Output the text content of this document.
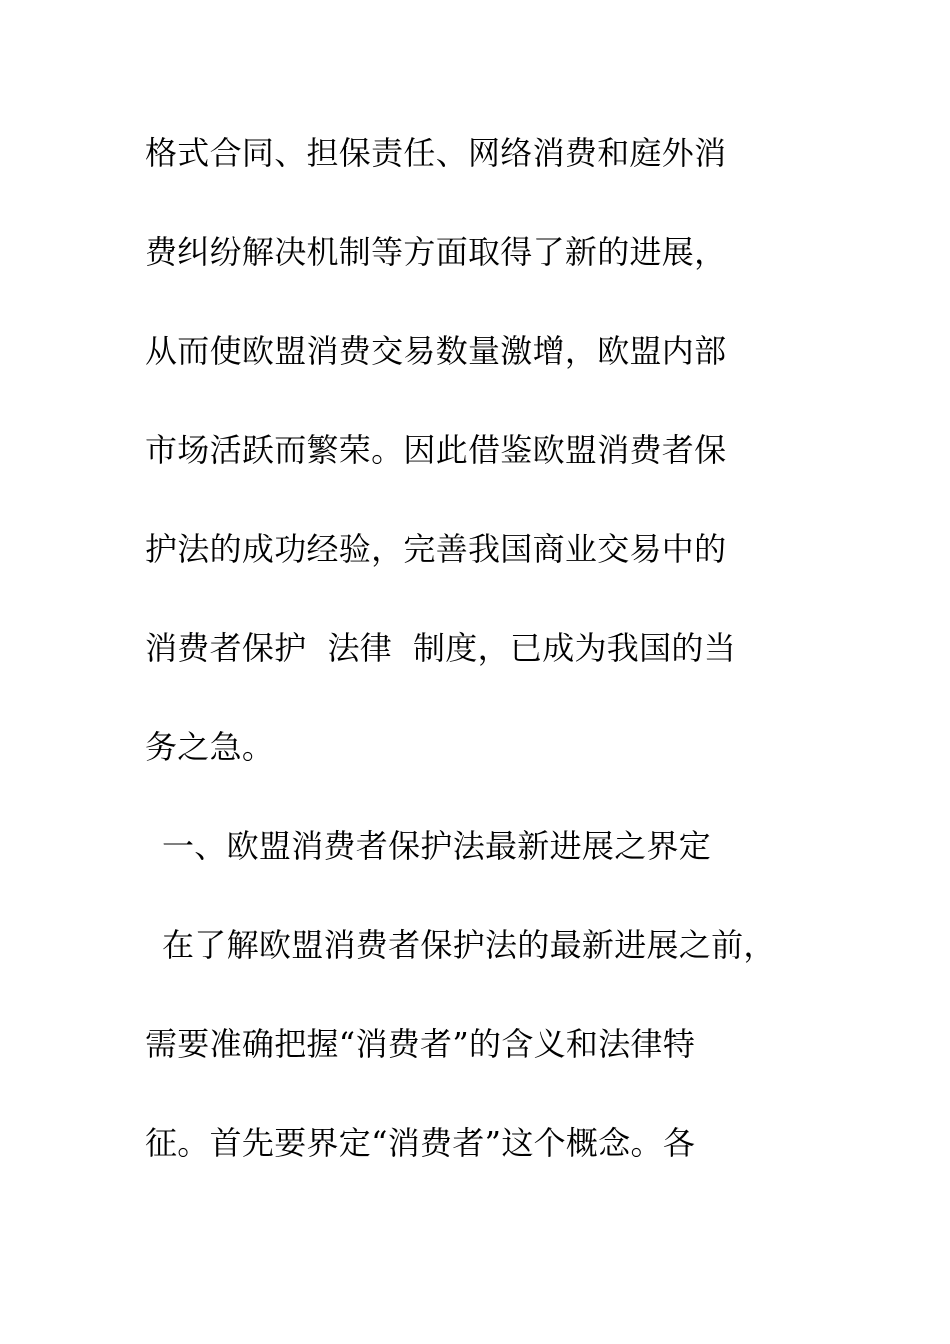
格式合同、担保责任、网络消费和庭外消
费纠纷解决机制等方面取得了新的进展，
从而使欧盟消费交易数量激增，欧盟内部
市场活跃而繁荣。因此借鉴欧盟消费者保
护法的成功经验，完善我国商业交易中的
消费者保护  法律  制度，已成为我国的当
务之急。
一、欧盟消费者保护法最新进展之界定
在了解欧盟消费者保护法的最新进展之前，
需要准确把握“消费者”的含义和法律特
征。首先要界定“消费者”这个概念。各
